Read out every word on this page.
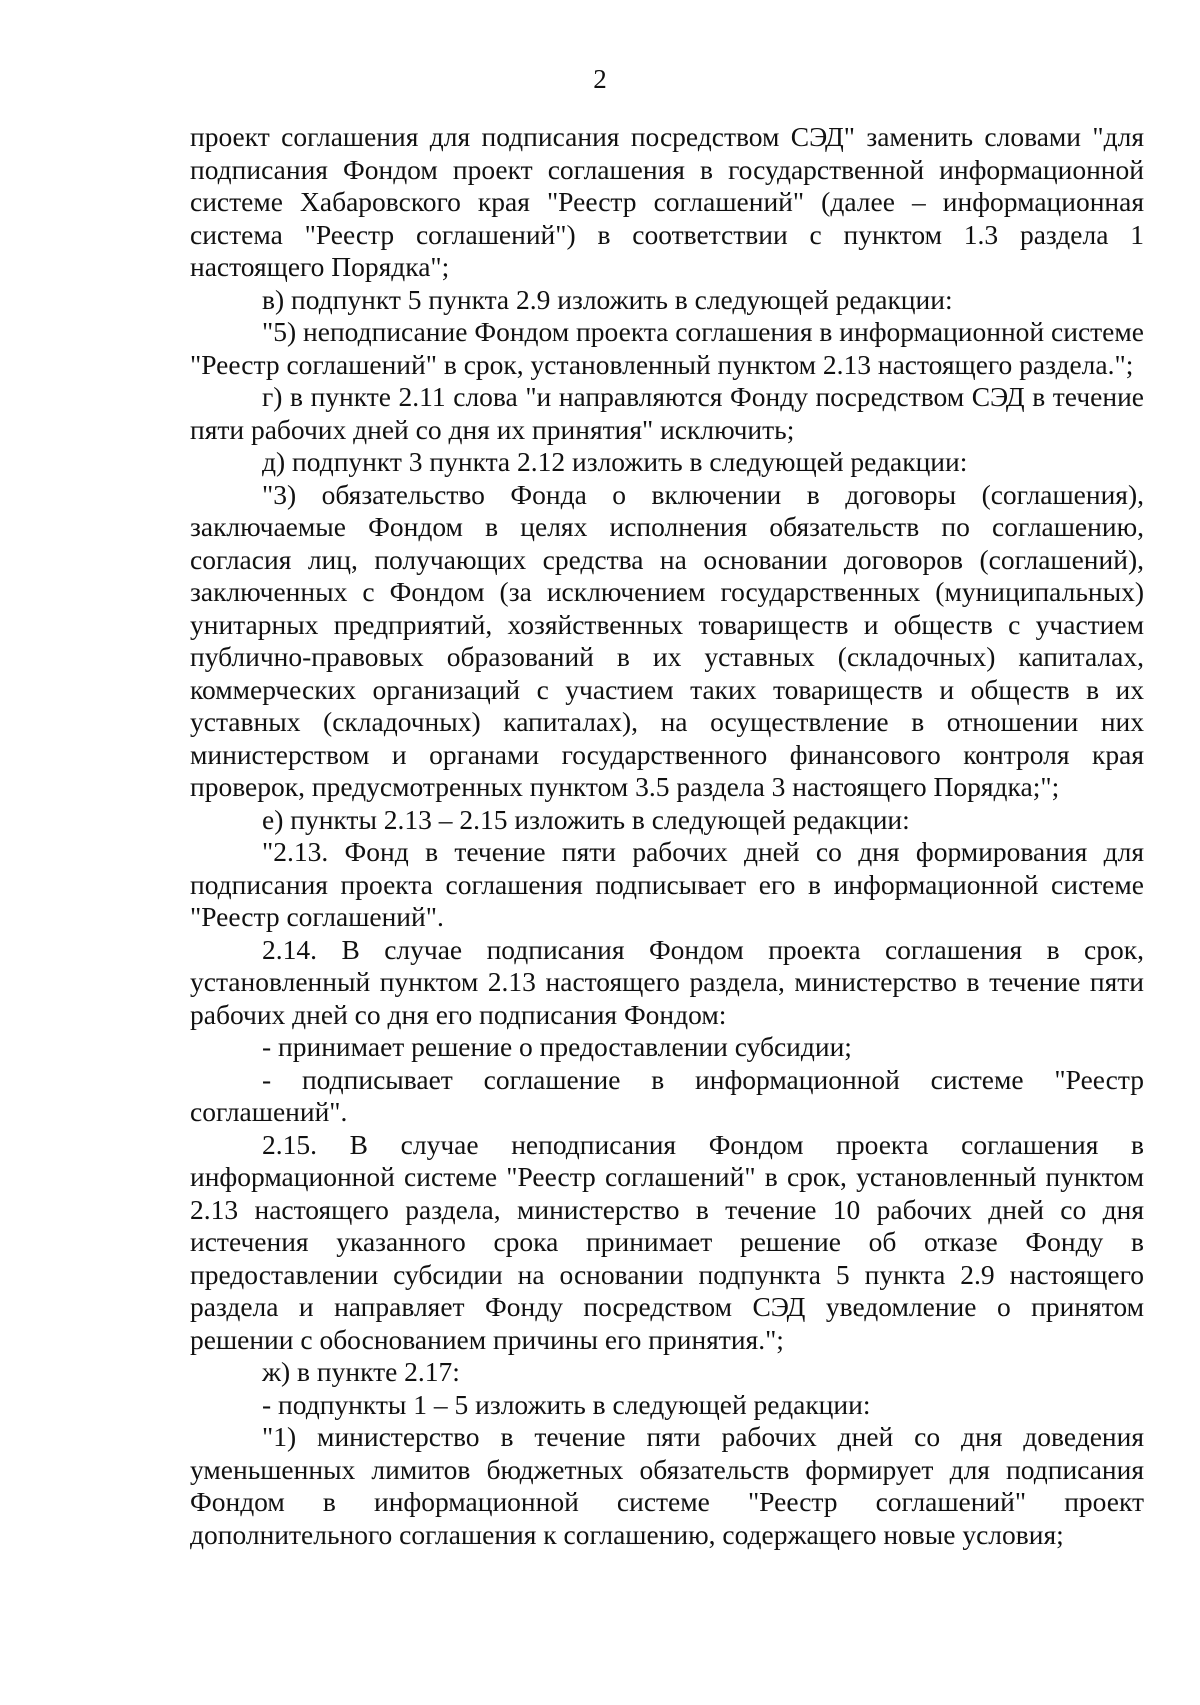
2

проект соглашения для подписания посредством СЭД" заменить словами "для подписания Фондом проект соглашения в государственной информационной системе Хабаровского края "Реестр соглашений" (далее – информационная система "Реестр соглашений") в соответствии с пунктом 1.3 раздела 1 настоящего Порядка";

в) подпункт 5 пункта 2.9 изложить в следующей редакции:

"5) неподписание Фондом проекта соглашения в информационной системе "Реестр соглашений" в срок, установленный пунктом 2.13 настоящего раздела.";

г) в пункте 2.11 слова "и направляются Фонду посредством СЭД в течение пяти рабочих дней со дня их принятия" исключить;

д) подпункт 3 пункта 2.12 изложить в следующей редакции:

"3) обязательство Фонда о включении в договоры (соглашения), заключаемые Фондом в целях исполнения обязательств по соглашению, согласия лиц, получающих средства на основании договоров (соглашений), заключенных с Фондом (за исключением государственных (муниципальных) унитарных предприятий, хозяйственных товариществ и обществ с участием публично-правовых образований в их уставных (складочных) капиталах, коммерческих организаций с участием таких товариществ и обществ в их уставных (складочных) капиталах), на осуществление в отношении них министерством и органами государственного финансового контроля края проверок, предусмотренных пунктом 3.5 раздела 3 настоящего Порядка;";

е) пункты 2.13 – 2.15 изложить в следующей редакции:

"2.13. Фонд в течение пяти рабочих дней со дня формирования для подписания проекта соглашения подписывает его в информационной системе "Реестр соглашений".

2.14. В случае подписания Фондом проекта соглашения в срок, установленный пунктом 2.13 настоящего раздела, министерство в течение пяти рабочих дней со дня его подписания Фондом:

- принимает решение о предоставлении субсидии;

- подписывает соглашение в информационной системе "Реестр соглашений".

2.15. В случае неподписания Фондом проекта соглашения в информационной системе "Реестр соглашений" в срок, установленный пунктом 2.13 настоящего раздела, министерство в течение 10 рабочих дней со дня истечения указанного срока принимает решение об отказе Фонду в предоставлении субсидии на основании подпункта 5 пункта 2.9 настоящего раздела и направляет Фонду посредством СЭД уведомление о принятом решении с обоснованием причины его принятия.";

ж) в пункте 2.17:

- подпункты 1 – 5 изложить в следующей редакции:

"1) министерство в течение пяти рабочих дней со дня доведения уменьшенных лимитов бюджетных обязательств формирует для подписания Фондом в информационной системе "Реестр соглашений" проект дополнительного соглашения к соглашению, содержащего новые условия;
